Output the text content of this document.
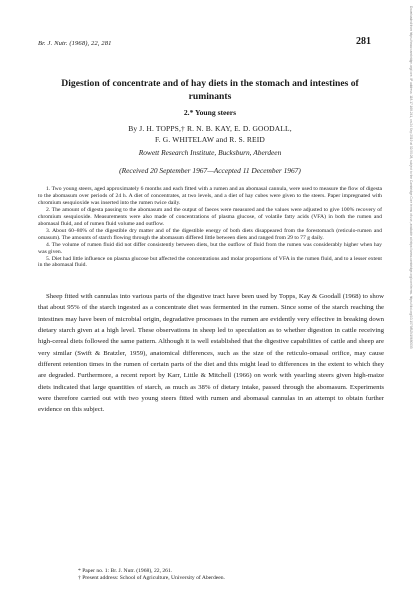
Br. J. Nutr. (1968), 22, 281	281
Digestion of concentrate and of hay diets in the stomach and intestines of ruminants
2.* Young steers
By J. H. TOPPS,† R. N. B. KAY, E. D. GOODALL,
F. G. WHITELAW and R. S. REID
Rowett Research Institute, Bucksburn, Aberdeen
(Received 20 September 1967—Accepted 11 December 1967)

1. Two young steers, aged approximately 6 months and each fitted with a rumen and an abomasal cannula, were used to measure the flow of digesta to the abomasum over periods of 24 h. A diet of concentrates, at two levels, and a diet of hay cubes were given to the steers. Paper impregnated with chromium sesquioxide was inserted into the rumen twice daily.

2. The amount of digesta passing to the abomasum and the output of faeces were measured and the values were adjusted to give 100% recovery of chromium sesquioxide. Measurements were also made of concentrations of plasma glucose, of volatile fatty acids (VFA) in both the rumen and abomasal fluid, and of rumen fluid volume and outflow.

3. About 60–80% of the digestible dry matter and of the digestible energy of both diets disappeared from the forestomach (reticulo-rumen and omasum). The amounts of starch flowing through the abomasum differed little between diets and ranged from 29 to 77 g daily.

4. The volume of rumen fluid did not differ consistently between diets, but the outflow of fluid from the rumen was considerably higher when hay was given.

5. Diet had little influence on plasma glucose but affected the concentrations and molar proportions of VFA in the rumen fluid, and to a lesser extent in the abomasal fluid.

Sheep fitted with cannulas into various parts of the digestive tract have been used by Topps, Kay & Goodall (1968) to show that about 95% of the starch ingested as a concentrate diet was fermented in the rumen. Since some of the starch reaching the intestines may have been of microbial origin, degradative processes in the rumen are evidently very effective in breaking down dietary starch given at a high level. These observations in sheep led to speculation as to whether digestion in cattle receiving high-cereal diets followed the same pattern. Although it is well established that the digestive capabilities of cattle and sheep are very similar (Swift & Bratzler, 1959), anatomical differences, such as the size of the reticulo-omasal orifice, may cause different retention times in the rumen of certain parts of the diet and this might lead to differences in the extent to which they are degraded. Furthermore, a recent report by Karr, Little & Mitchell (1966) on work with yearling steers given high-maize diets indicated that large quantities of starch, as much as 38% of dietary intake, passed through the abomasum. Experiments were therefore carried out with two young steers fitted with rumen and abomasal cannulas in an attempt to obtain further evidence on this subject.

* Paper no. 1: Br. J. Nutr. (1968), 22, 261.
† Present address: School of Agriculture, University of Aberdeen.
Downloaded from https://www.cambridge.org/core. IP address: 118.17.168.241, on 24 Sep 2019 at 02:50:28, subject to the Cambridge Core terms of use, available at https://www.cambridge.org/core/terms. https://doi.org/10.1079/BJN19680033
